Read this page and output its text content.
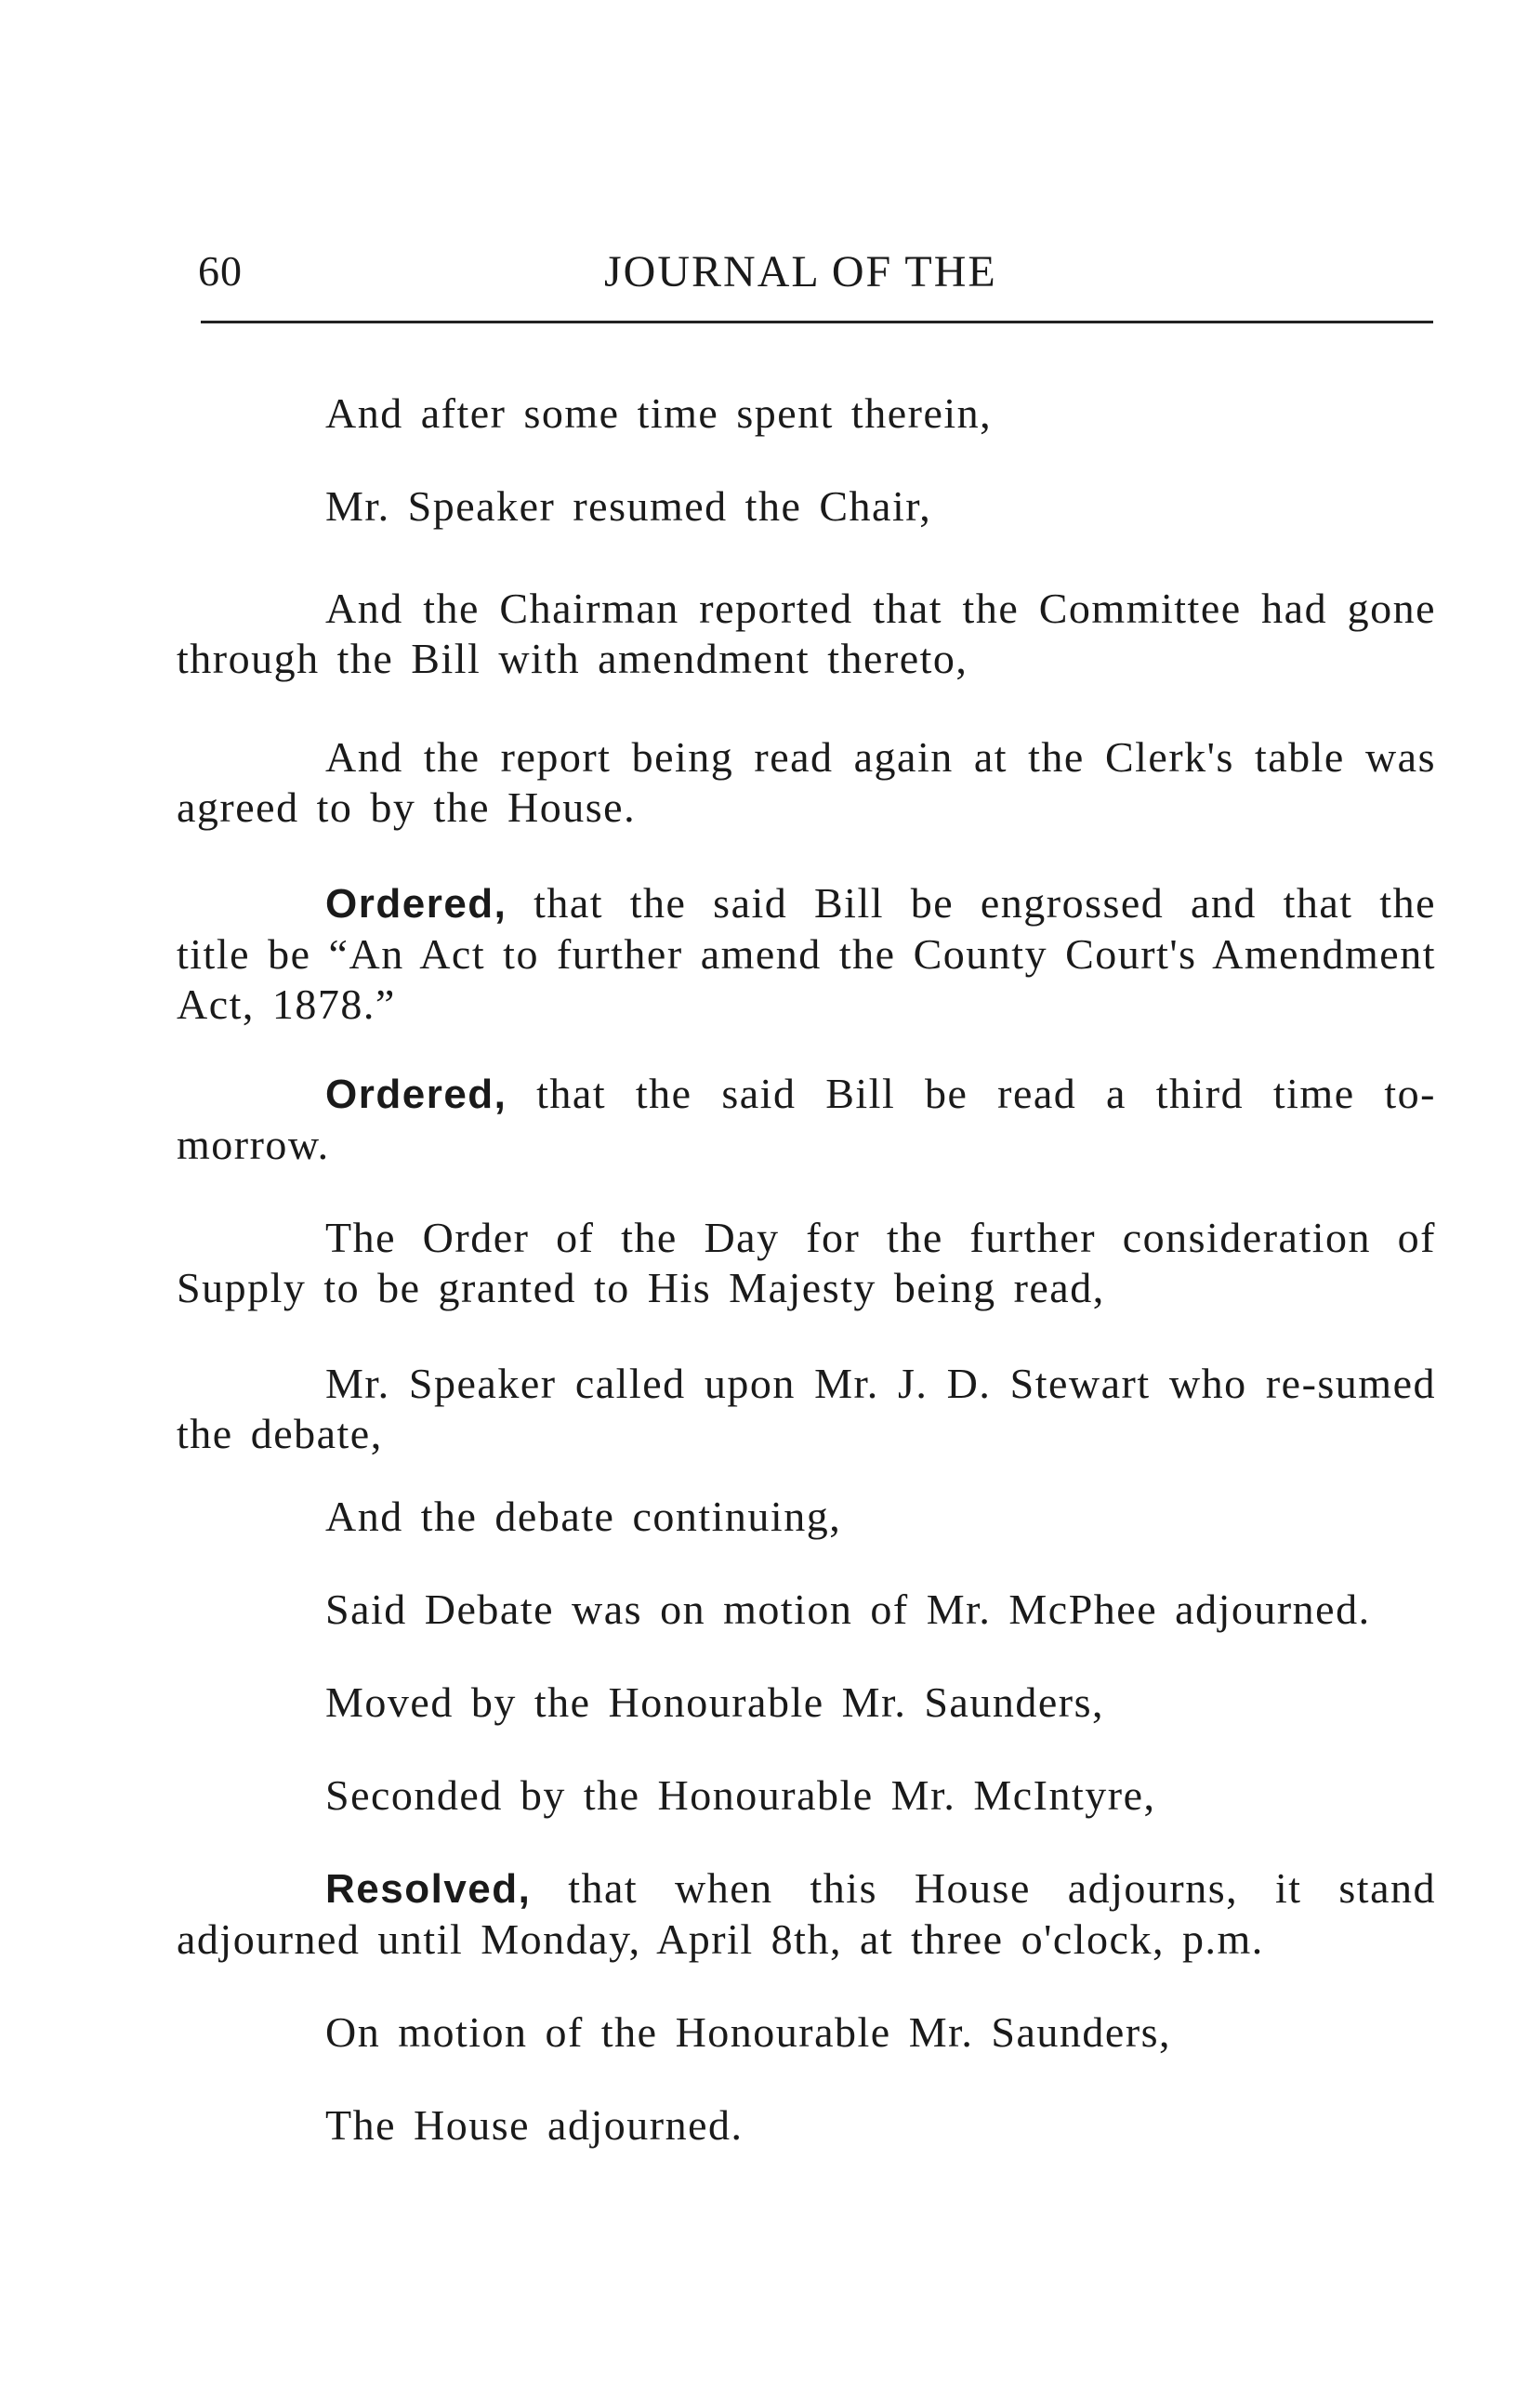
60	JOURNAL OF THE

And after some time spent therein,

Mr. Speaker resumed the Chair,

And the Chairman reported that the Committee had gone through the Bill with amendment thereto,

And the report being read again at the Clerk's table was agreed to by the House.

Ordered, that the said Bill be engrossed and that the title be “An Act to further amend the County Court's Amendment Act, 1878.”

Ordered, that the said Bill be read a third time to-morrow.

The Order of the Day for the further consideration of Supply to be granted to His Majesty being read,

Mr. Speaker called upon Mr. J. D. Stewart who re-sumed the debate,

And the debate continuing,

Said Debate was on motion of Mr. McPhee adjourned.

Moved by the Honourable Mr. Saunders,

Seconded by the Honourable Mr. McIntyre,

Resolved, that when this House adjourns, it stand adjourned until Monday, April 8th, at three o'clock, p.m.

On motion of the Honourable Mr. Saunders,

The House adjourned.
